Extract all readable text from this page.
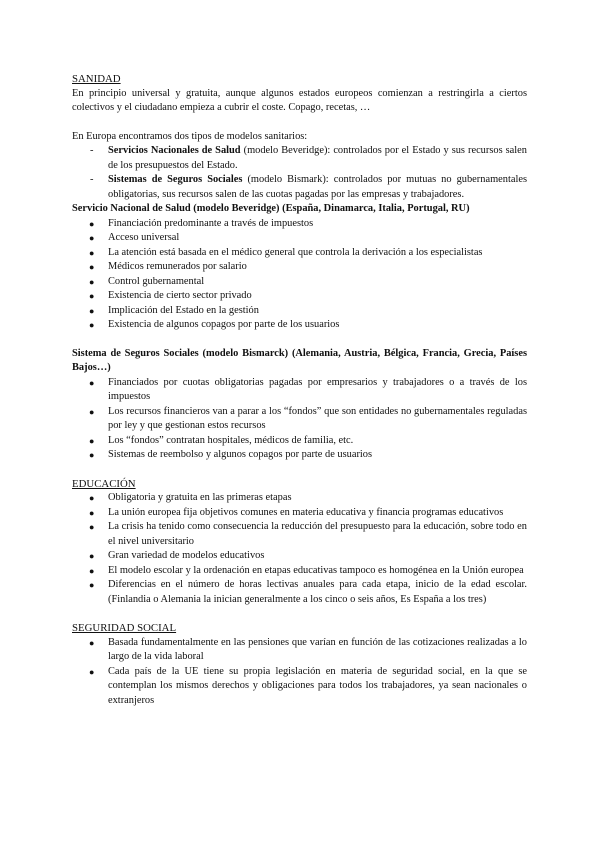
SANIDAD

En principio universal y gratuita, aunque algunos estados europeos comienzan a restringirla a ciertos colectivos y el ciudadano empieza a cubrir el coste. Copago, recetas, …

En Europa encontramos dos tipos de modelos sanitarios:

- Servicios Nacionales de Salud (modelo Beveridge): controlados por el Estado y sus recursos salen de los presupuestos del Estado.
- Sistemas de Seguros Sociales (modelo Bismark): controlados por mutuas no gubernamentales obligatorias, sus recursos salen de las cuotas pagadas por las empresas y trabajadores.

Servicio Nacional de Salud (modelo Beveridge) (España, Dinamarca, Italia, Portugal, RU)

● Financiación predominante a través de impuestos
● Acceso universal
● La atención está basada en el médico general que controla la derivación a los especialistas
● Médicos remunerados por salario
● Control gubernamental
● Existencia de cierto sector privado
● Implicación del Estado en la gestión
● Existencia de algunos copagos por parte de los usuarios

Sistema de Seguros Sociales (modelo Bismarck) (Alemania, Austria, Bélgica, Francia, Grecia, Países Bajos…)

● Financiados por cuotas obligatorias pagadas por empresarios y trabajadores o a través de los impuestos
● Los recursos financieros van a parar a los “fondos” que son entidades no gubernamentales reguladas por ley y que gestionan estos recursos
● Los “fondos” contratan hospitales, médicos de familia, etc.
● Sistemas de reembolso y algunos copagos por parte de usuarios
EDUCACIÓN
● Obligatoria y gratuita en las primeras etapas
● La unión europea fija objetivos comunes en materia educativa y financia programas educativos
● La crisis ha tenido como consecuencia la reducción del presupuesto para la educación, sobre todo en el nivel universitario
● Gran variedad de modelos educativos
● El modelo escolar y la ordenación en etapas educativas tampoco es homogénea en la Unión europea
● Diferencias en el número de horas lectivas anuales para cada etapa, inicio de la edad escolar. (Finlandia o Alemania la inician generalmente a los cinco o seis años, Es España a los tres)
SEGURIDAD SOCIAL
● Basada fundamentalmente en las pensiones que varían en función de las cotizaciones realizadas a lo largo de la vida laboral
● Cada país de la UE tiene su propia legislación en materia de seguridad social, en la que se contemplan los mismos derechos y obligaciones para todos los trabajadores, ya sean nacionales o extranjeros
